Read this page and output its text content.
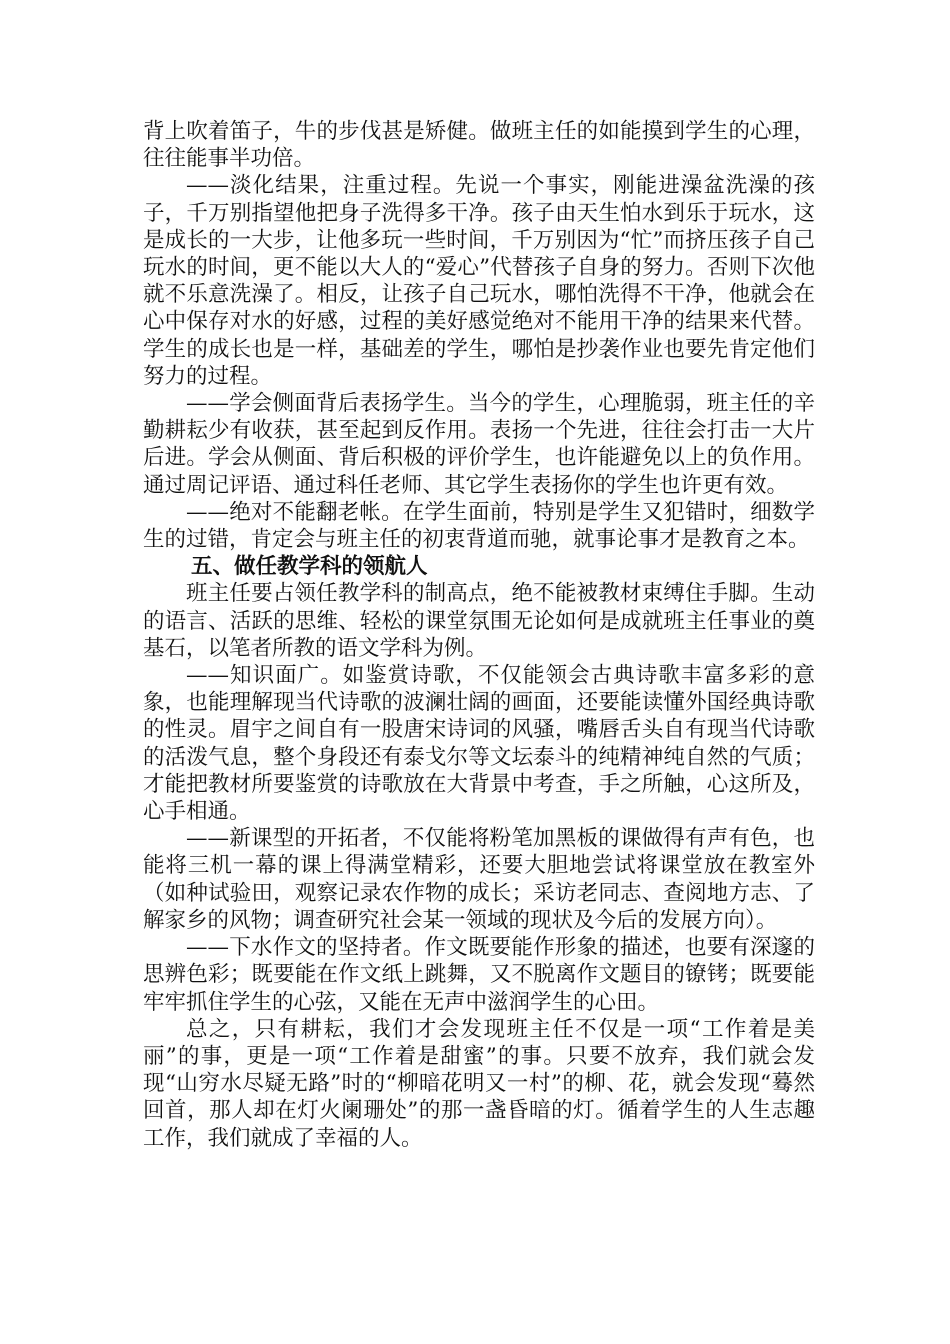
背上吹着笛子，牛的步伐甚是矫健。做班主任的如能摸到学生的心理，往往能事半功倍。

——淡化结果，注重过程。先说一个事实，刚能进澡盆洗澡的孩子，千万别指望他把身子洗得多干净。孩子由天生怕水到乐于玩水，这是成长的一大步，让他多玩一些时间，千万别因为“忙”而挤压孩子自己玩水的时间，更不能以大人的“爱心”代替孩子自身的努力。否则下次他就不乐意洗澡了。相反，让孩子自己玩水，哪怕洗得不干净，他就会在心中保存对水的好感，过程的美好感觉绝对不能用干净的结果来代替。学生的成长也是一样，基础差的学生，哪怕是抄袭作业也要先肯定他们努力的过程。

——学会侧面背后表扬学生。当今的学生，心理脆弱，班主任的辛勤耕耘少有收获，甚至起到反作用。表扬一个先进，往往会打击一大片后进。学会从侧面、背后积极的评价学生，也许能避免以上的负作用。通过周记评语、通过科任老师、其它学生表扬你的学生也许更有效。

——绝对不能翻老帐。在学生面前，特别是学生又犯错时，细数学生的过错，肯定会与班主任的初衷背道而驰，就事论事才是教育之本。

五、做任教学科的领航人

班主任要占领任教学科的制高点，绝不能被教材束缚住手脚。生动的语言、活跃的思维、轻松的课堂氛围无论如何是成就班主任事业的奠基石，以笔者所教的语文学科为例。

——知识面广。如鉴赏诗歌，不仅能领会古典诗歌丰富多彩的意象，也能理解现当代诗歌的波澜壮阔的画面，还要能读懂外国经典诗歌的性灵。眉宇之间自有一股唐宋诗词的风骚，嘴唇舌头自有现当代诗歌的活泼气息，整个身段还有泰戈尔等文坛泰斗的纯精神纯自然的气质；才能把教材所要鉴赏的诗歌放在大背景中考查，手之所触，心这所及，心手相通。

——新课型的开拓者，不仅能将粉笔加黑板的课做得有声有色，也能将三机一幕的课上得满堂精彩，还要大胆地尝试将课堂放在教室外（如种试验田，观察记录农作物的成长；采访老同志、查阅地方志、了解家乡的风物；调查研究社会某一领域的现状及今后的发展方向）。

——下水作文的坚持者。作文既要能作形象的描述，也要有深邃的思辨色彩；既要能在作文纸上跳舞，又不脱离作文题目的镣铐；既要能牢牢抓住学生的心弦，又能在无声中滋润学生的心田。

总之，只有耕耘，我们才会发现班主任不仅是一项“工作着是美丽”的事，更是一项“工作着是甜蜜”的事。只要不放弃，我们就会发现“山穷水尽疑无路”时的“柳暗花明又一村”的柳、花，就会发现“蓦然回首，那人却在灯火阑珊处”的那一盏昏暗的灯。循着学生的人生志趣工作，我们就成了幸福的人。
